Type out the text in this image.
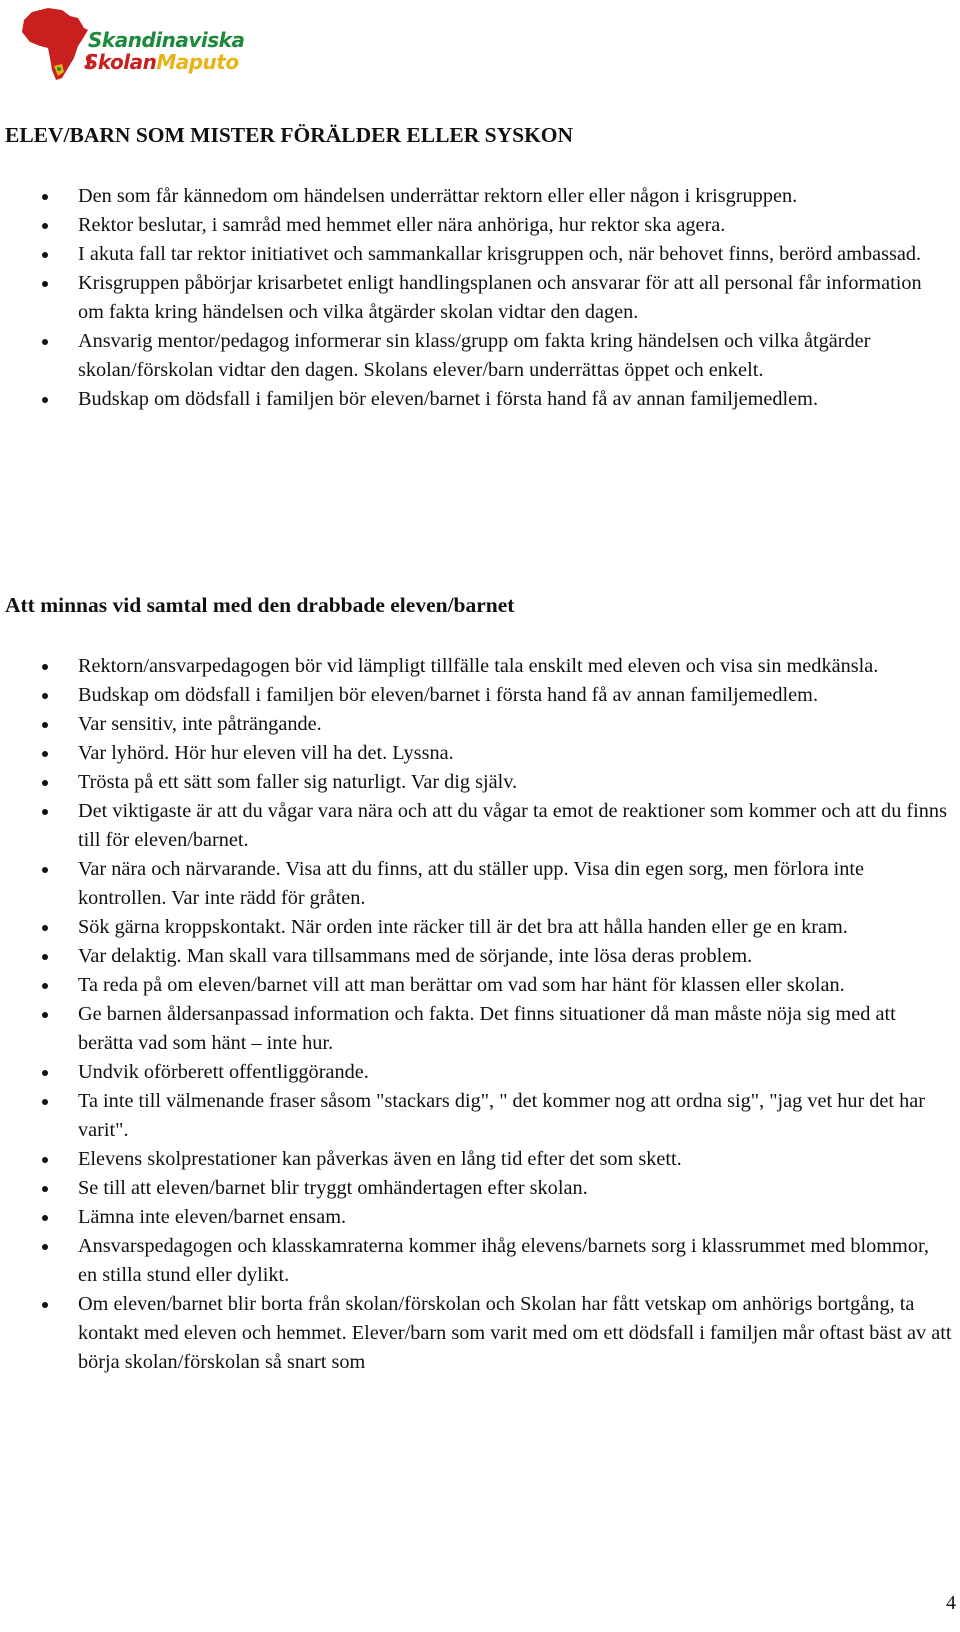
Skandinaviska
SkolanMaputo
ELEV/BARN SOM MISTER FÖRÄLDER ELLER SYSKON
Den som får kännedom om händelsen underrättar rektorn eller eller någon i krisgruppen.
Rektor beslutar, i samråd med hemmet eller nära anhöriga, hur rektor ska agera.
I akuta fall tar rektor initiativet och sammankallar krisgruppen och, när behovet finns, berörd ambassad.
Krisgruppen påbörjar krisarbetet enligt handlingsplanen och ansvarar för att all personal får information om fakta kring händelsen och vilka åtgärder skolan vidtar den dagen.
Ansvarig mentor/pedagog informerar sin klass/grupp om fakta kring händelsen och vilka åtgärder skolan/förskolan vidtar den dagen. Skolans elever/barn underrättas öppet och enkelt.
Budskap om dödsfall i familjen bör eleven/barnet i första hand få av annan familjemedlem.
Att minnas vid samtal med den drabbade eleven/barnet
Rektorn/ansvarpedagogen bör vid lämpligt tillfälle tala enskilt med eleven och visa sin medkänsla.
Budskap om dödsfall i familjen bör eleven/barnet i första hand få av annan familjemedlem.
Var sensitiv, inte påträngande.
Var lyhörd. Hör hur eleven vill ha det. Lyssna.
Trösta på ett sätt som faller sig naturligt. Var dig själv.
Det viktigaste är att du vågar vara nära och att du vågar ta emot de reaktioner som kommer och att du finns till för eleven/barnet.
Var nära och närvarande. Visa att du finns, att du ställer upp. Visa din egen sorg, men förlora inte kontrollen. Var inte rädd för gråten.
Sök gärna kroppskontakt. När orden inte räcker till är det bra att hålla handen eller ge en kram.
Var delaktig. Man skall vara tillsammans med de sörjande, inte lösa deras problem.
Ta reda på om eleven/barnet vill att man berättar om vad som har hänt för klassen eller skolan.
Ge barnen åldersanpassad information och fakta. Det finns situationer då man måste nöja sig med att berätta vad som hänt – inte hur.
Undvik oförberett offentliggörande.
Ta inte till välmenande fraser såsom "stackars dig", " det kommer nog att ordna sig", "jag vet hur det har varit".
Elevens skolprestationer kan påverkas även en lång tid efter det som skett.
Se till att eleven/barnet blir tryggt omhändertagen efter skolan.
Lämna inte eleven/barnet ensam.
Ansvarspedagogen och klasskamraterna kommer ihåg elevens/barnets sorg i klassrummet med blommor, en stilla stund eller dylikt.
Om eleven/barnet blir borta från skolan/förskolan och Skolan har fått vetskap om anhörigs bortgång, ta kontakt med eleven och hemmet. Elever/barn som varit med om ett dödsfall i familjen mår oftast bäst av att börja skolan/förskolan så snart som
4
